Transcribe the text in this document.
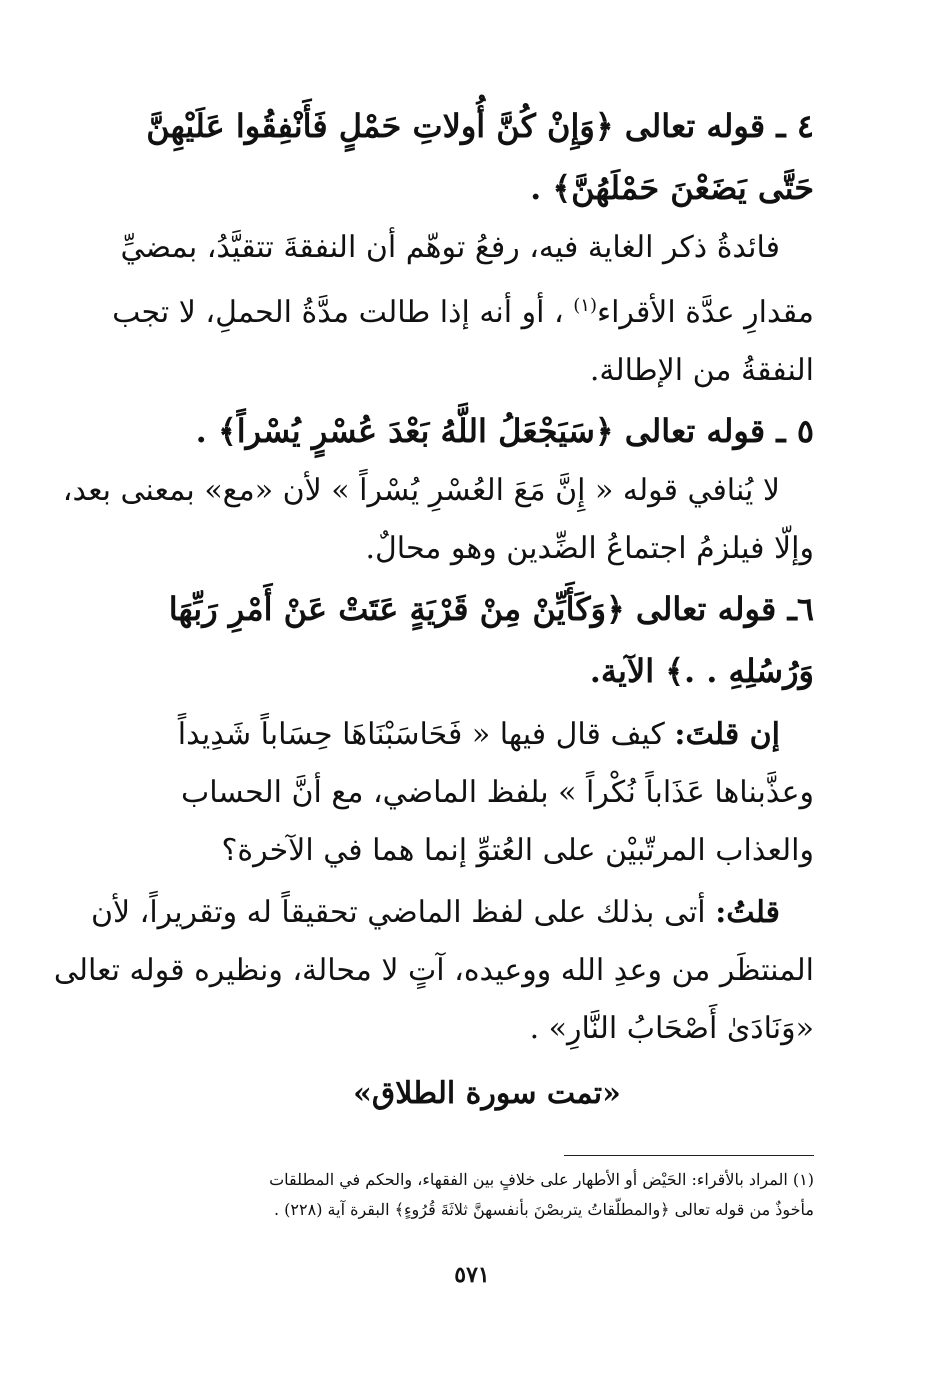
٤ ـ قوله تعالى ﴿وَإِنْ كُنَّ أُولاتِ حَمْلٍ فَأَنْفِقُوا عَلَيْهِنَّ
حَتَّى يَضَعْنَ حَمْلَهُنَّ﴾ .
فائدةُ ذكر الغاية فيه، رفعُ توهّم أن النفقةَ تتقيَّدُ، بمضيِّ
مقدارِ عدَّة الأقراء$^{(١)}$ ، أو أنه إذا طالت مدَّةُ الحملِ، لا تجب
النفقةُ من الإطالة.
٥ ـ قوله تعالى ﴿سَيَجْعَلُ اللَّهُ بَعْدَ عُسْرٍ يُسْراً﴾ .
لا يُنافي قوله « إِنَّ مَعَ العُسْرِ يُسْراً » لأن «مع» بمعنى بعد،
وإلّا فيلزمُ اجتماعُ الضِّدين وهو محالٌ.
٦ـ قوله تعالى ﴿وَكَأَيِّنْ مِنْ قَرْيَةٍ عَتَتْ عَنْ أَمْرِ رَبِّهَا
وَرُسُلِهِ . .﴾ الآية.
إن قلتَ: كيف قال فيها « فَحَاسَبْنَاهَا حِسَاباً شَدِيداً
وعذَّبناها عَذَاباً نُكْراً » بلفظ الماضي، مع أنَّ الحساب
والعذاب المرتّبيْن على العُتوِّ إنما هما في الآخرة؟
قلتُ: أتى بذلك على لفظ الماضي تحقيقاً له وتقريراً، لأن
المنتظَر من وعدِ الله ووعيده، آتٍ لا محالة، ونظيره قوله تعالى
«وَنَادَىٰ أَصْحَابُ النَّارِ» .
«تمت سورة الطلاق»
(١) المراد بالأقراء: الحَيْض أو الأطهار على خلافٍ بين الفقهاء، والحكم في المطلقات
مأخوذٌ من قوله تعالى ﴿والمطلّقاتُ يتربصْنَ بأنفسهنَّ ثلاثَةَ قُرُوءٍ﴾ البقرة آية (٢٢٨) .
٥٧١
